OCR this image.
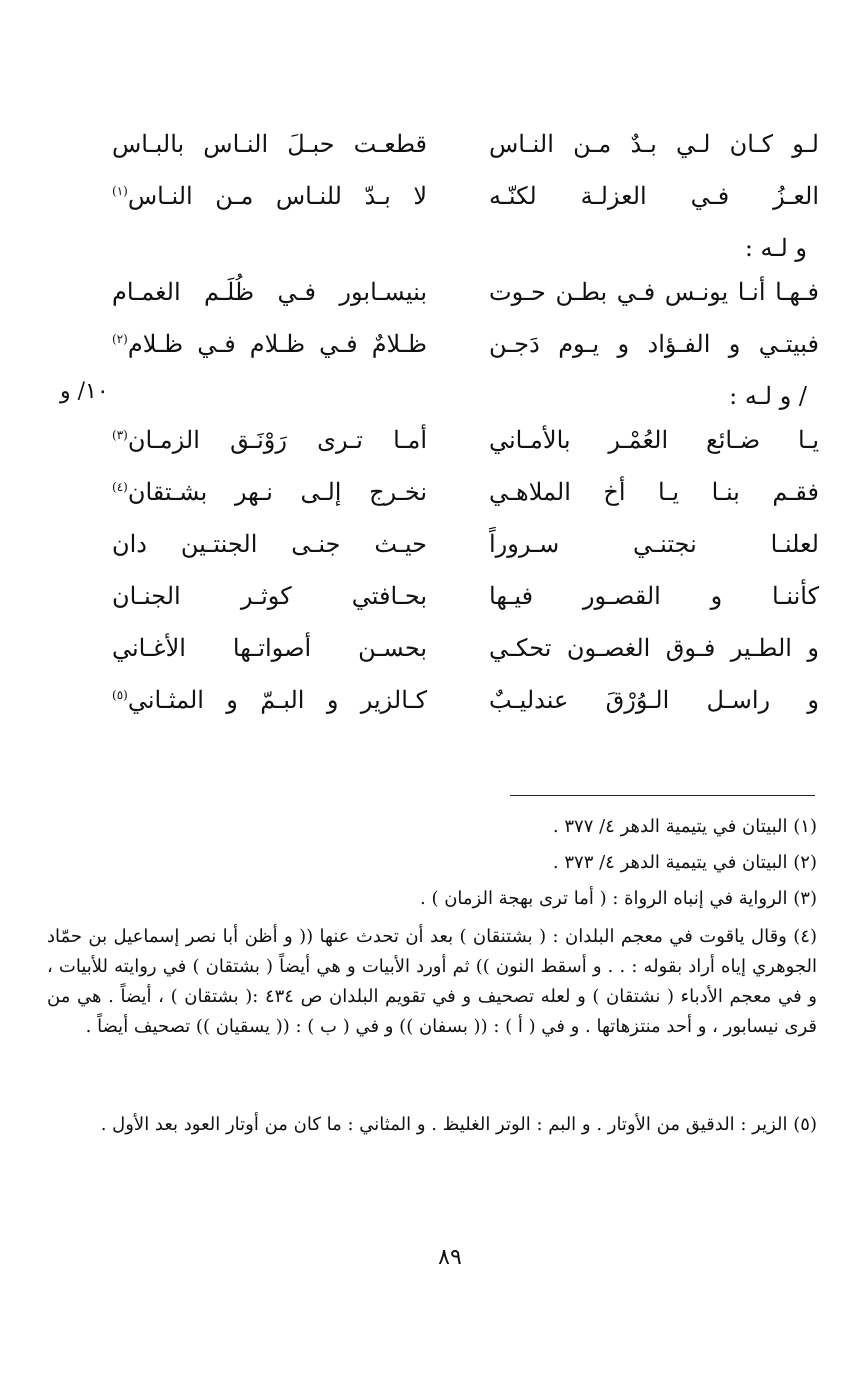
لـو كـان لـي بـدٌ مـن النـاس
قطعـت حبـلَ النـاس بالبـاس
العـزُ فـي العزلـة لكنّـه
لا بـدّ للنـاس مـن النـاس$^{(١)}$
و لـه :
فـهـا أنـا يونـس فـي بطـن حـوت
بنيسـابور فـي ظُلَـم الغمـام
فبيتـي و الفـؤاد و يـوم دَجـن
ظـلامٌ فـي ظـلام فـي ظـلام$^{(٢)}$
١٠/ و	/ و لـه :
يـا ضـائع العُمْـر بالأمـاني
أمـا تـرى رَوْنَـق الزمـان$^{(٣)}$
فقـم بنـا يـا أخ الملاهـي
نخـرج إلـى نـهر بشـتقان$^{(٤)}$
لعلنـا نجتنـي سـروراً
حيـث جنـى الجنتـين دان
كأننـا و القصـور فيـها
بحـافتي كوثـر الجنـان
و الطـير فـوق الغصـون تحكـي
بحسـن أصواتـها الأغـاني
و راسـل الـوُرْقَ عندليـبٌ
كـالزير و البـمّ و المثـاني$^{(٥)}$
(١) البيتان في يتيمية الدهر ٤/ ٣٧٧ .
(٢) البيتان في يتيمية الدهر ٤/ ٣٧٣ .
(٣) الرواية في إنباه الرواة : ( أما ترى بهجة الزمان ) .
(٤) وقال ياقوت في معجم البلدان : ( بشتنقان ) بعد أن تحدث عنها (( و أظن أبا نصر إسماعيل بن حمّاد الجوهري إياه أراد بقوله : . . و أسقط النون )) ثم أورد الأبيات و هي أيضاً ( بشتقان ) في روايته للأبيات ، و في معجم الأدباء ( نشتقان ) و لعله تصحيف و في تقويم البلدان ص ٤٣٤ :( بشتقان ) ، أيضاً . هي من قرى نيسابور ، و أحد منتزهاتها . و في ( أ ) : (( بسفان )) و في ( ب ) : (( يسقيان )) تصحيف أيضاً .
(٥) الزير : الدقيق من الأوتار . و البم : الوتر الغليظ . و المثاني : ما كان من أوتار العود بعد الأول .
٨٩
